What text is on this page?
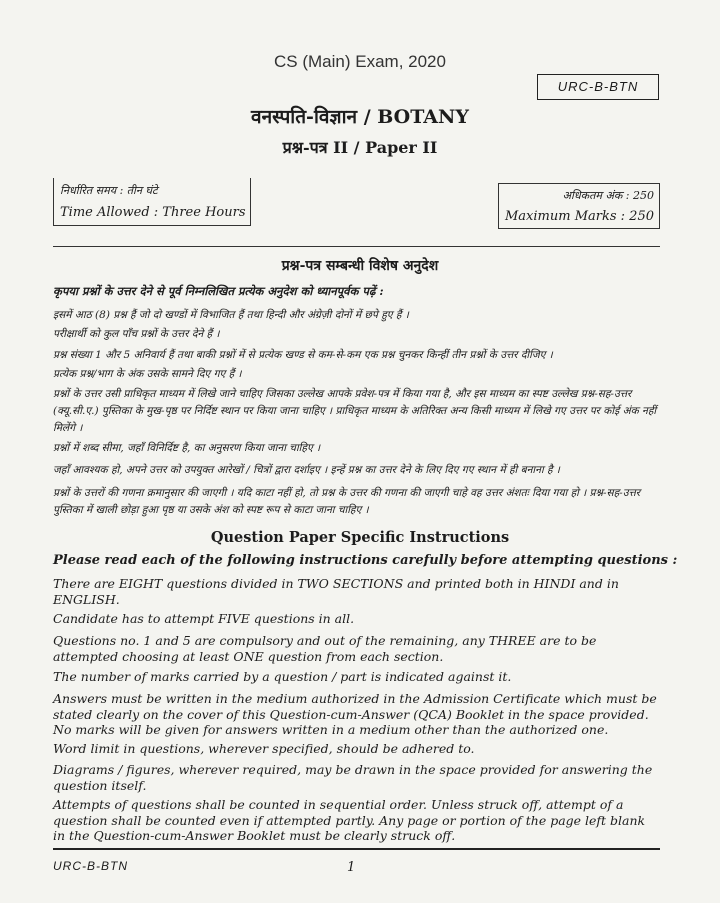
CS (Main) Exam, 2020
URC-B-BTN
वनस्पति-विज्ञान / BOTANY
प्रश्न-पत्र II / Paper II
निर्धारित समय : तीन घंटे
Time Allowed : Three Hours
अधिकतम अंक : 250
Maximum Marks : 250
प्रश्न-पत्र सम्बन्धी विशेष अनुदेश
कृपया प्रश्नों के उत्तर देने से पूर्व निम्नलिखित प्रत्येक अनुदेश को ध्यानपूर्वक पढ़ें :
इसमें आठ (8) प्रश्न हैं जो दो खण्डों में विभाजित हैं तथा हिन्दी और अंग्रेज़ी दोनों में छपे हुए हैं ।
परीक्षार्थी को कुल पाँच प्रश्नों के उत्तर देने हैं ।
प्रश्न संख्या 1 और 5 अनिवार्य हैं तथा बाकी प्रश्नों में से प्रत्येक खण्ड से कम-से-कम एक प्रश्न चुनकर किन्हीं तीन प्रश्नों के उत्तर दीजिए ।
प्रत्येक प्रश्न/भाग के अंक उसके सामने दिए गए हैं ।
प्रश्नों के उत्तर उसी प्राधिकृत माध्यम में लिखे जाने चाहिए जिसका उल्लेख आपके प्रवेश-पत्र में किया गया है, और इस माध्यम का स्पष्ट उल्लेख प्रश्न-सह-उत्तर (क्यू.सी.ए.) पुस्तिका के मुख-पृष्ठ पर निर्दिष्ट स्थान पर किया जाना चाहिए । प्राधिकृत माध्यम के अतिरिक्त अन्य किसी माध्यम में लिखे गए उत्तर पर कोई अंक नहीं मिलेंगे ।
प्रश्नों में शब्द सीमा, जहाँ विनिर्दिष्ट है, का अनुसरण किया जाना चाहिए ।
जहाँ आवश्यक हो, अपने उत्तर को उपयुक्त आरेखों / चित्रों द्वारा दर्शाइए । इन्हें प्रश्न का उत्तर देने के लिए दिए गए स्थान में ही बनाना है ।
प्रश्नों के उत्तरों की गणना क्रमानुसार की जाएगी । यदि काटा नहीं हो, तो प्रश्न के उत्तर की गणना की जाएगी चाहे वह उत्तर अंशतः दिया गया हो । प्रश्न-सह-उत्तर पुस्तिका में खाली छोड़ा हुआ पृष्ठ या उसके अंश को स्पष्ट रूप से काटा जाना चाहिए ।
Question Paper Specific Instructions
Please read each of the following instructions carefully before attempting questions :
There are EIGHT questions divided in TWO SECTIONS and printed both in HINDI and in ENGLISH.
Candidate has to attempt FIVE questions in all.
Questions no. 1 and 5 are compulsory and out of the remaining, any THREE are to be attempted choosing at least ONE question from each section.
The number of marks carried by a question / part is indicated against it.
Answers must be written in the medium authorized in the Admission Certificate which must be stated clearly on the cover of this Question-cum-Answer (QCA) Booklet in the space provided. No marks will be given for answers written in a medium other than the authorized one.
Word limit in questions, wherever specified, should be adhered to.
Diagrams / figures, wherever required, may be drawn in the space provided for answering the question itself.
Attempts of questions shall be counted in sequential order. Unless struck off, attempt of a question shall be counted even if attempted partly. Any page or portion of the page left blank in the Question-cum-Answer Booklet must be clearly struck off.
URC-B-BTN	1
